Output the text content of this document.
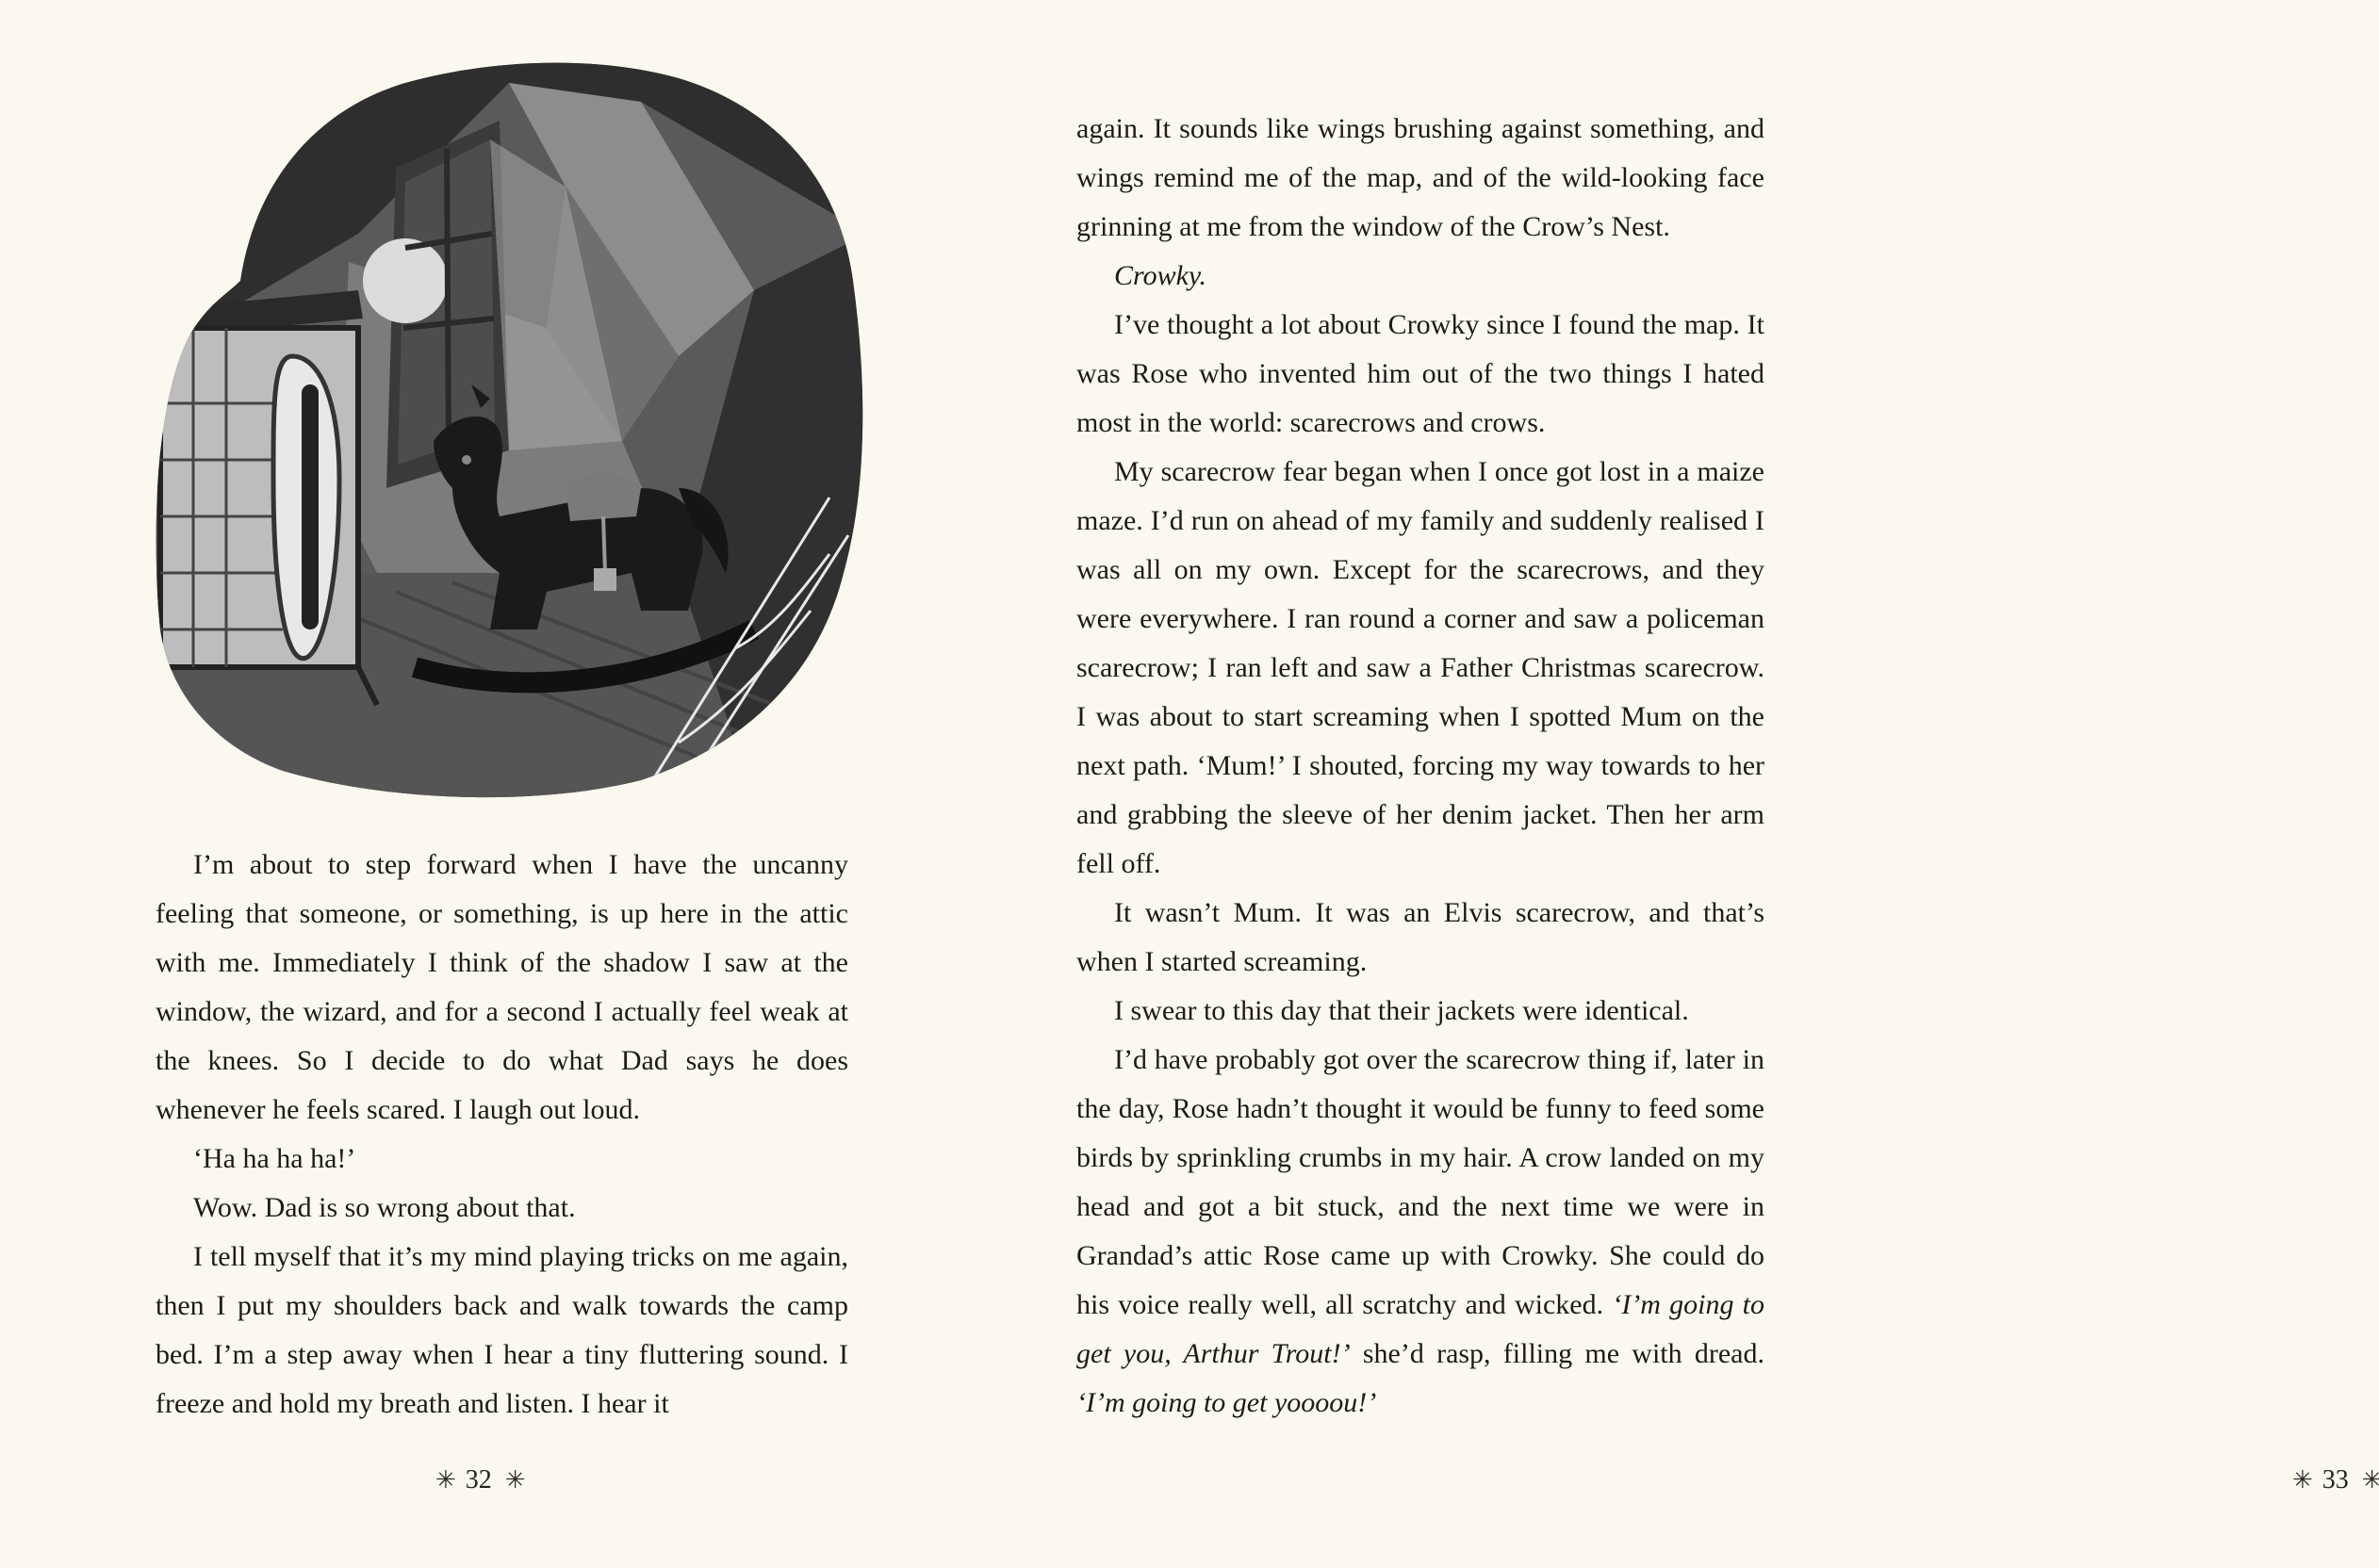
I’m about to step forward when I have the uncanny feeling that someone, or something, is up here in the attic with me. Immediately I think of the shadow I saw at the window, the wizard, and for a second I actually feel weak at the knees. So I decide to do what Dad says he does whenever he feels scared. I laugh out loud.

‘Ha ha ha ha!’

Wow. Dad is so wrong about that.

I tell myself that it’s my mind playing tricks on me again, then I put my shoulders back and walk towards the camp bed. I’m a step away when I hear a tiny fluttering sound. I freeze and hold my breath and listen. I hear it

✳ 32 ✳

again. It sounds like wings brushing against something, and wings remind me of the map, and of the wild-looking face grinning at me from the window of the Crow’s Nest.

Crowky.

I’ve thought a lot about Crowky since I found the map. It was Rose who invented him out of the two things I hated most in the world: scarecrows and crows.

My scarecrow fear began when I once got lost in a maize maze. I’d run on ahead of my family and suddenly realised I was all on my own. Except for the scarecrows, and they were everywhere. I ran round a corner and saw a policeman scarecrow; I ran left and saw a Father Christmas scarecrow. I was about to start screaming when I spotted Mum on the next path. ‘Mum!’ I shouted, forcing my way towards to her and grabbing the sleeve of her denim jacket. Then her arm fell off.

It wasn’t Mum. It was an Elvis scarecrow, and that’s when I started screaming.

I swear to this day that their jackets were identical.

I’d have probably got over the scarecrow thing if, later in the day, Rose hadn’t thought it would be funny to feed some birds by sprinkling crumbs in my hair. A crow landed on my head and got a bit stuck, and the next time we were in Grandad’s attic Rose came up with Crowky. She could do his voice really well, all scratchy and wicked. ‘I’m going to get you, Arthur Trout!’ she’d rasp, filling me with dread. ‘I’m going to get yoooou!’

✳ 33 ✳
